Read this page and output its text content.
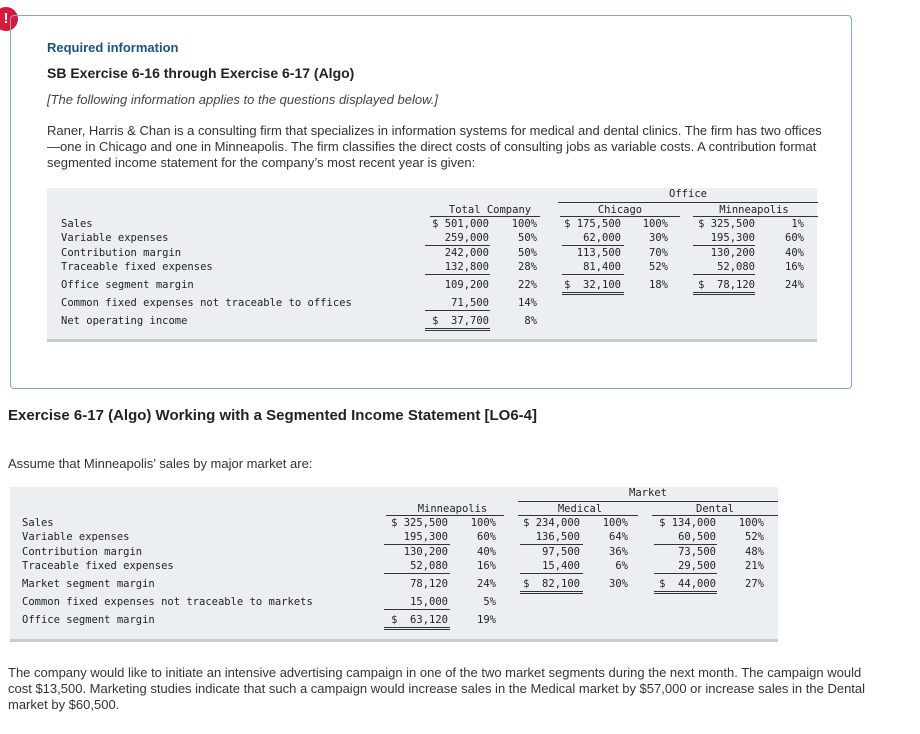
!
Required information
SB Exercise 6-16 through Exercise 6-17 (Algo)
[The following information applies to the questions displayed below.]
Raner, Harris & Chan is a consulting firm that specializes in information systems for medical and dental clinics. The firm has two offices—one in Chicago and one in Minneapolis. The firm classifies the direct costs of consulting jobs as variable costs. A contribution format segmented income statement for the company’s most recent year is given:
Office
Total Company	Chicago	Minneapolis
Sales	$ 501,000	100%	$ 175,500	100%	$ 325,500	1%
Variable expenses	259,000	50%	62,000	30%	195,300	60%
Contribution margin	242,000	50%	113,500	70%	130,200	40%
Traceable fixed expenses	132,800	28%	81,400	52%	52,080	16%
Office segment margin	109,200	22%	$  32,100	18%	$  78,120	24%
Common fixed expenses not traceable to offices	71,500	14%
Net operating income	$  37,700	8%
Exercise 6-17 (Algo) Working with a Segmented Income Statement [LO6-4]
Assume that Minneapolis’ sales by major market are:
Market
Minneapolis	Medical	Dental
Sales	$ 325,500	100%	$ 234,000	100%	$ 134,000	100%
Variable expenses	195,300	60%	136,500	64%	60,500	52%
Contribution margin	130,200	40%	97,500	36%	73,500	48%
Traceable fixed expenses	52,080	16%	15,400	6%	29,500	21%
Market segment margin	78,120	24%	$  82,100	30%	$  44,000	27%
Common fixed expenses not traceable to markets	15,000	5%
Office segment margin	$  63,120	19%
The company would like to initiate an intensive advertising campaign in one of the two market segments during the next month. The campaign would cost $13,500. Marketing studies indicate that such a campaign would increase sales in the Medical market by $57,000 or increase sales in the Dental market by $60,500.
